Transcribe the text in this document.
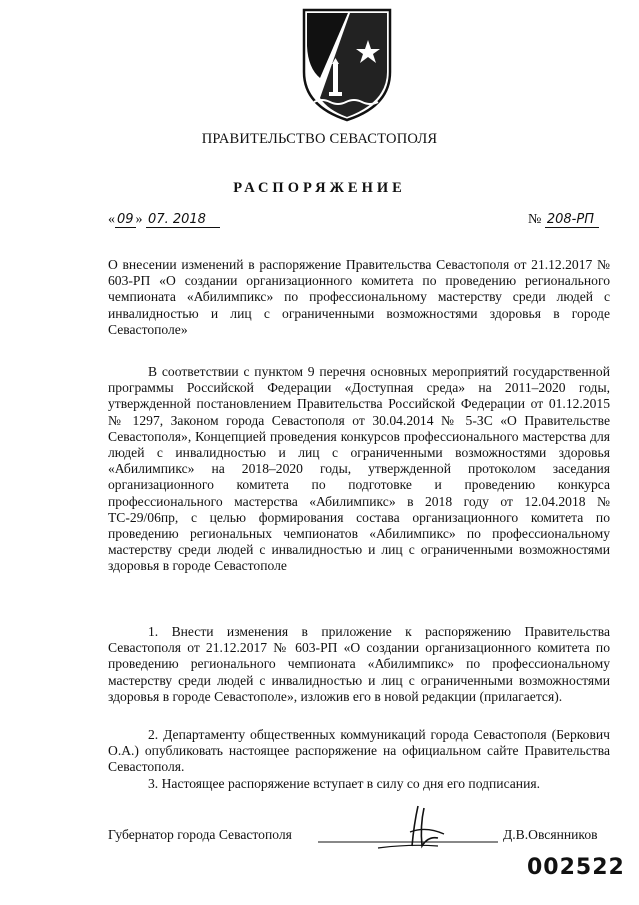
ПРАВИТЕЛЬСТВО СЕВАСТОПОЛЯ
РАСПОРЯЖЕНИЕ
« 09 » 07. 2018	№ 208-РП
О внесении изменений в распоряжение Правительства Севастополя от 21.12.2017 № 603-РП «О создании организационного комитета по проведению регионального чемпионата «Абилимпикс» по профессиональному мастерству среди людей с инвалидностью и лиц с ограниченными возможностями здоровья в городе Севастополе»
В соответствии с пунктом 9 перечня основных мероприятий государственной программы Российской Федерации «Доступная среда» на 2011–2020 годы, утвержденной постановлением Правительства Российской Федерации от 01.12.2015 № 1297, Законом города Севастополя от 30.04.2014 № 5-ЗС «О Правительстве Севастополя», Концепцией проведения конкурсов профессионального мастерства для людей с инвалидностью и лиц с ограниченными возможностями здоровья «Абилимпикс» на 2018–2020 годы, утвержденной протоколом заседания организационного комитета по подготовке и проведению конкурса профессионального мастерства «Абилимпикс» в 2018 году от 12.04.2018 № ТС-29/06пр, с целью формирования состава организационного комитета по проведению региональных чемпионатов «Абилимпикс» по профессиональному мастерству среди людей с инвалидностью и лиц с ограниченными возможностями здоровья в городе Севастополе
1. Внести изменения в приложение к распоряжению Правительства Севастополя от 21.12.2017 № 603-РП «О создании организационного комитета по проведению регионального чемпионата «Абилимпикс» по профессиональному мастерству среди людей с инвалидностью и лиц с ограниченными возможностями здоровья в городе Севастополе», изложив его в новой редакции (прилагается).
2. Департаменту общественных коммуникаций города Севастополя (Беркович О.А.) опубликовать настоящее распоряжение на официальном сайте Правительства Севастополя.
3. Настоящее распоряжение вступает в силу со дня его подписания.
Губернатор города Севастополя	Д.В.Овсянников
002522
